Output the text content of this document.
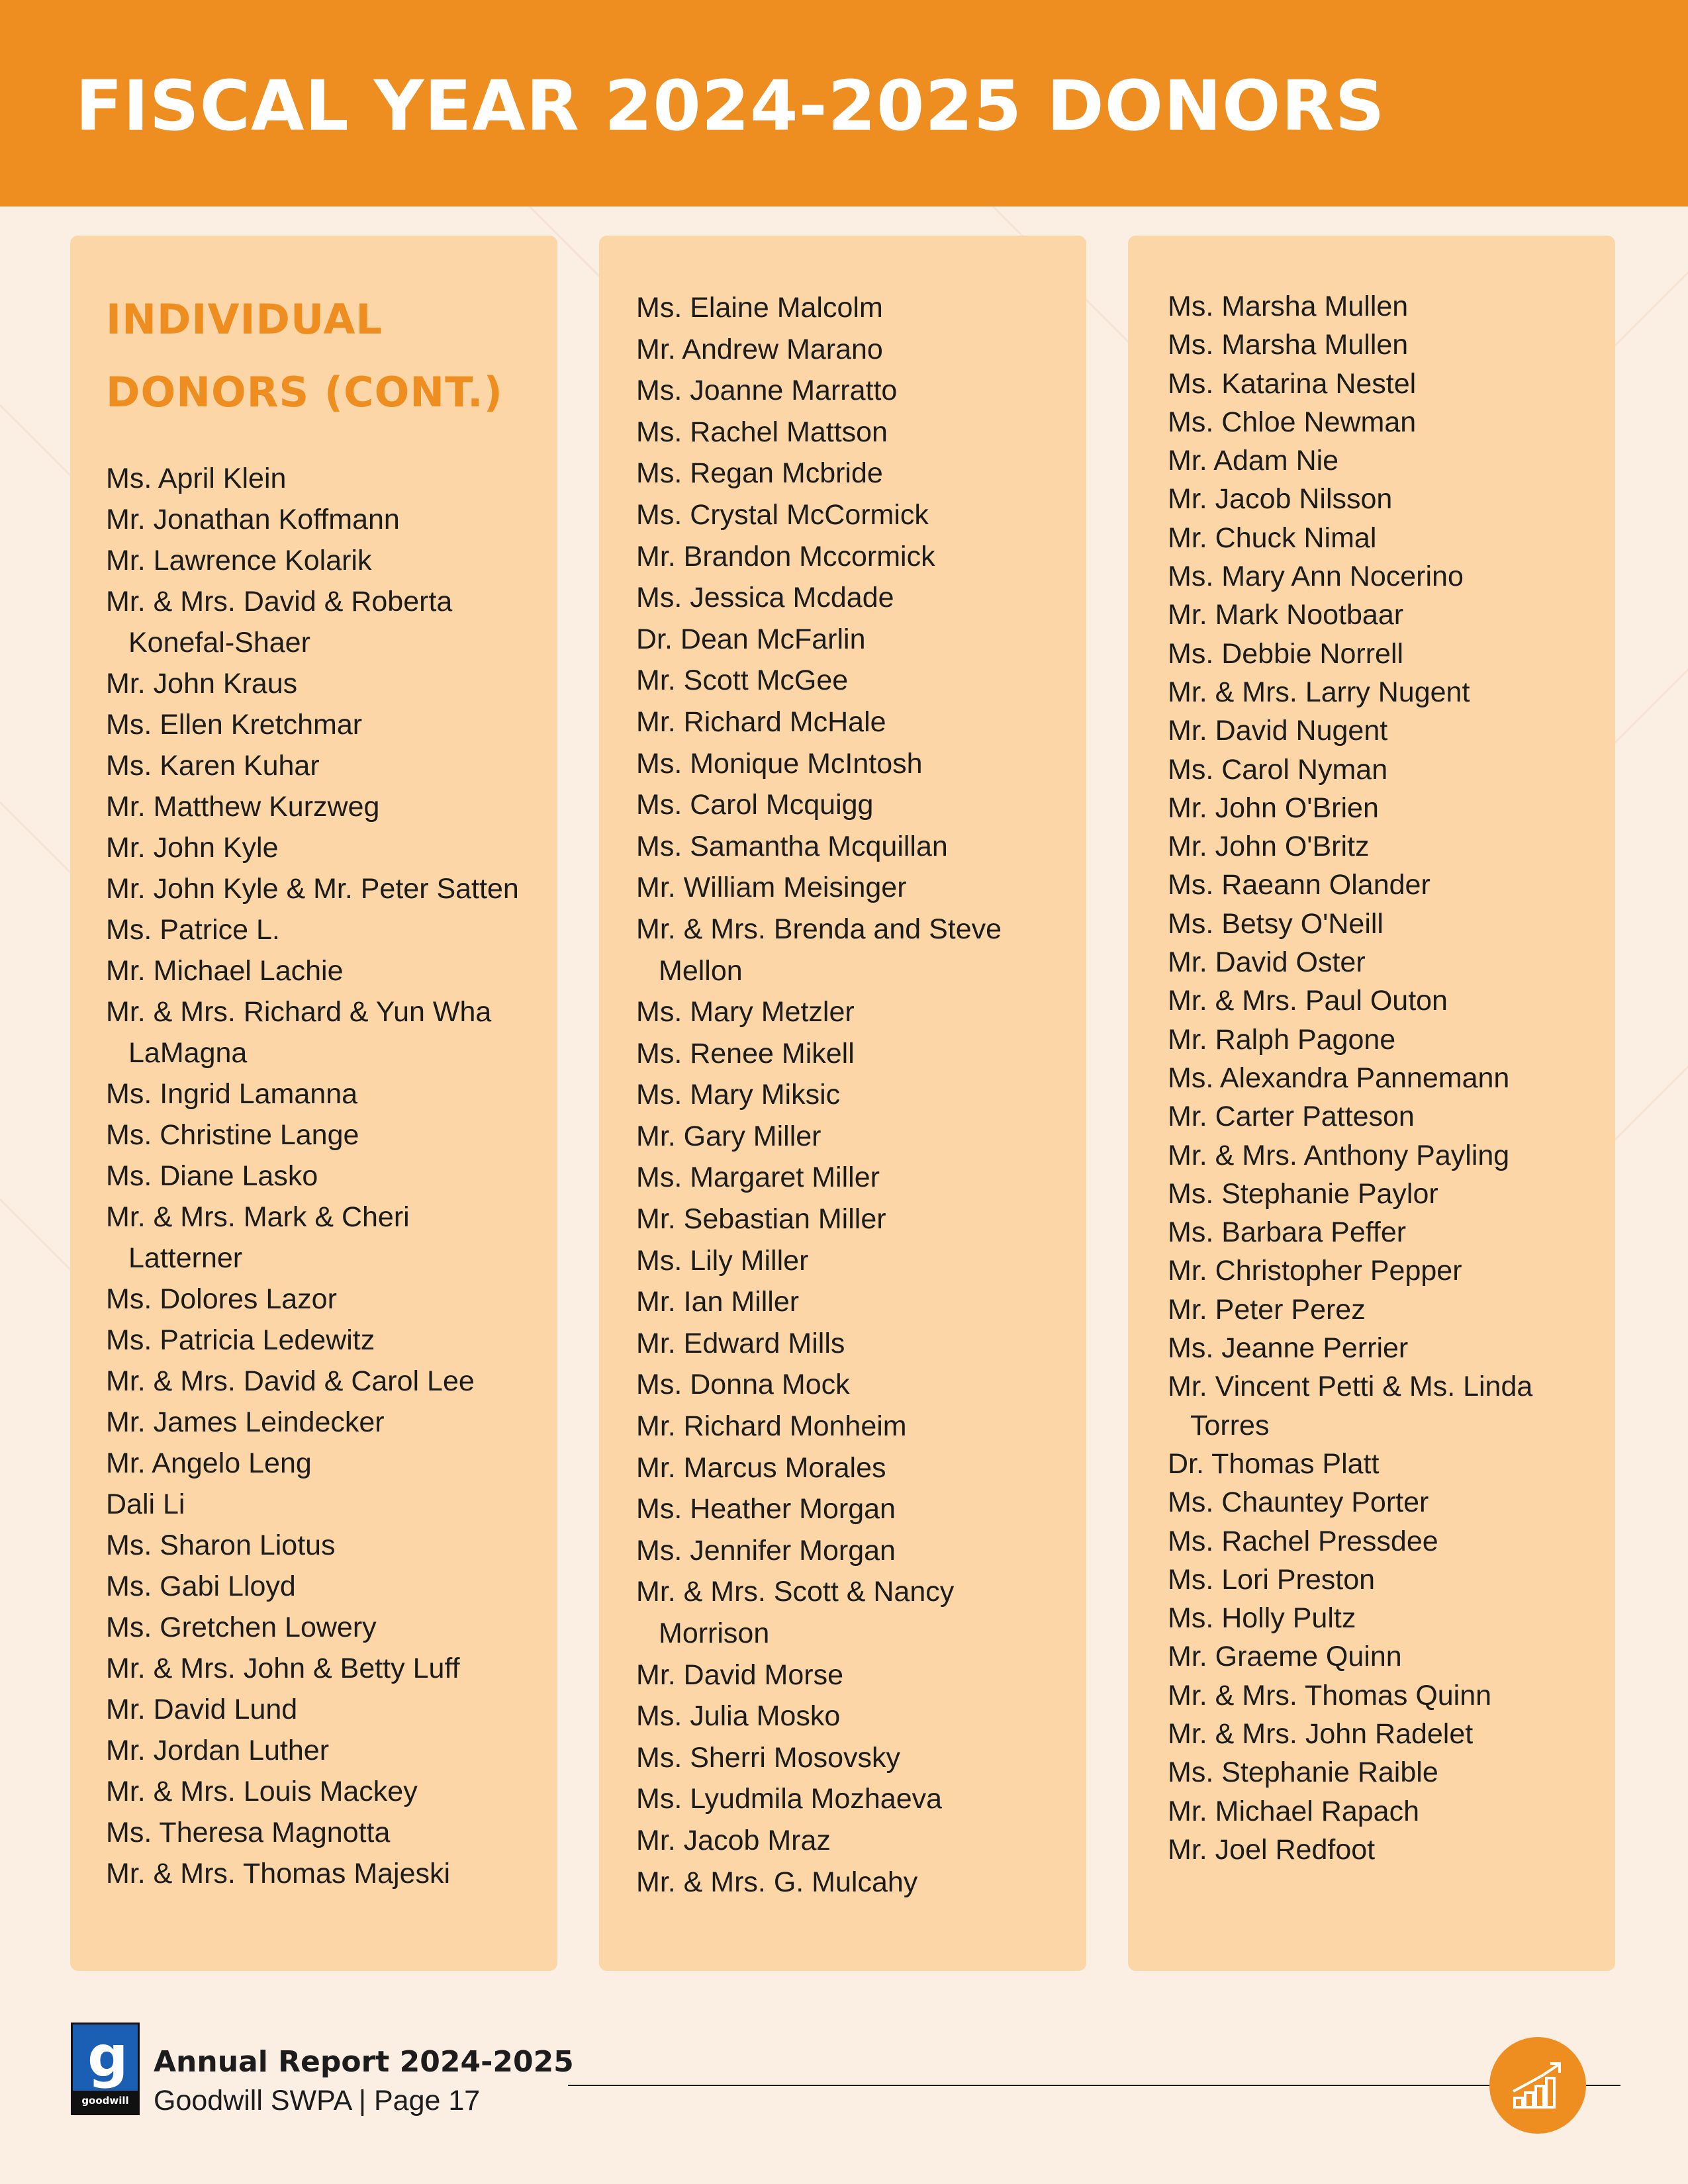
FISCAL YEAR 2024-2025 DONORS
INDIVIDUAL
DONORS (CONT.)
Ms. April Klein
Mr. Jonathan Koffmann
Mr. Lawrence Kolarik
Mr. & Mrs. David & Roberta Konefal-Shaer
Mr. John Kraus
Ms. Ellen Kretchmar
Ms. Karen Kuhar
Mr. Matthew Kurzweg
Mr. John Kyle
Mr. John Kyle & Mr. Peter Satten
Ms. Patrice L.
Mr. Michael Lachie
Mr. & Mrs. Richard & Yun Wha LaMagna
Ms. Ingrid Lamanna
Ms. Christine Lange
Ms. Diane Lasko
Mr. & Mrs. Mark & Cheri Latterner
Ms. Dolores Lazor
Ms. Patricia Ledewitz
Mr. & Mrs. David & Carol Lee
Mr. James Leindecker
Mr. Angelo Leng
Dali Li
Ms. Sharon Liotus
Ms. Gabi Lloyd
Ms. Gretchen Lowery
Mr. & Mrs. John & Betty Luff
Mr. David Lund
Mr. Jordan Luther
Mr. & Mrs. Louis Mackey
Ms. Theresa Magnotta
Mr. & Mrs. Thomas Majeski
Ms. Elaine Malcolm
Mr. Andrew Marano
Ms. Joanne Marratto
Ms. Rachel Mattson
Ms. Regan Mcbride
Ms. Crystal McCormick
Mr. Brandon Mccormick
Ms. Jessica Mcdade
Dr. Dean McFarlin
Mr. Scott McGee
Mr. Richard McHale
Ms. Monique McIntosh
Ms. Carol Mcquigg
Ms. Samantha Mcquillan
Mr. William Meisinger
Mr. & Mrs. Brenda and Steve Mellon
Ms. Mary Metzler
Ms. Renee Mikell
Ms. Mary Miksic
Mr. Gary Miller
Ms. Margaret Miller
Mr. Sebastian Miller
Ms. Lily Miller
Mr. Ian Miller
Mr. Edward Mills
Ms. Donna Mock
Mr. Richard Monheim
Mr. Marcus Morales
Ms. Heather Morgan
Ms. Jennifer Morgan
Mr. & Mrs. Scott & Nancy Morrison
Mr. David Morse
Ms. Julia Mosko
Ms. Sherri Mosovsky
Ms. Lyudmila Mozhaeva
Mr. Jacob Mraz
Mr. & Mrs. G. Mulcahy
Ms. Marsha Mullen
Ms. Marsha Mullen
Ms. Katarina Nestel
Ms. Chloe Newman
Mr. Adam Nie
Mr. Jacob Nilsson
Mr. Chuck Nimal
Ms. Mary Ann Nocerino
Mr. Mark Nootbaar
Ms. Debbie Norrell
Mr. & Mrs. Larry Nugent
Mr. David Nugent
Ms. Carol Nyman
Mr. John O'Brien
Mr. John O'Britz
Ms. Raeann Olander
Ms. Betsy O'Neill
Mr. David Oster
Mr. & Mrs. Paul Outon
Mr. Ralph Pagone
Ms. Alexandra Pannemann
Mr. Carter Patteson
Mr. & Mrs. Anthony Payling
Ms. Stephanie Paylor
Ms. Barbara Peffer
Mr. Christopher Pepper
Mr. Peter Perez
Ms. Jeanne Perrier
Mr. Vincent Petti & Ms. Linda Torres
Dr. Thomas Platt
Ms. Chauntey Porter
Ms. Rachel Pressdee
Ms. Lori Preston
Ms. Holly Pultz
Mr. Graeme Quinn
Mr. & Mrs. Thomas Quinn
Mr. & Mrs. John Radelet
Ms. Stephanie Raible
Mr. Michael Rapach
Mr. Joel Redfoot
g
goodwill
Annual Report 2024-2025
Goodwill SWPA | Page 17
